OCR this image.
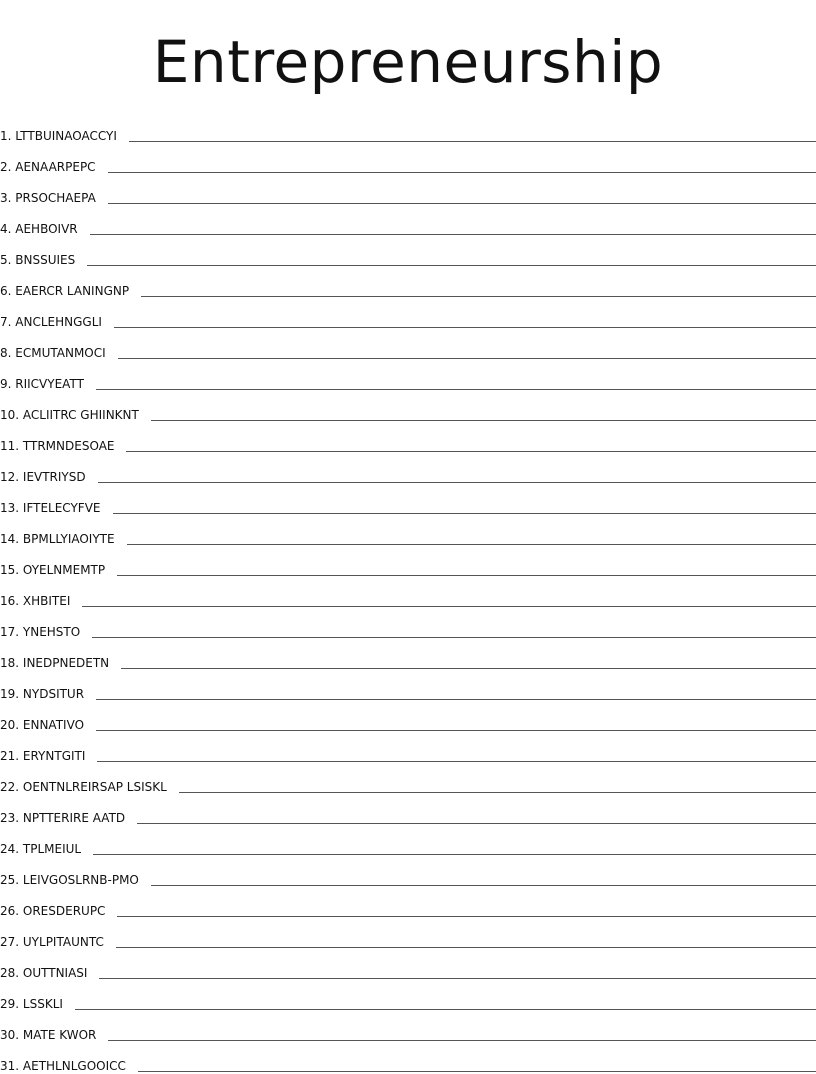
Entrepreneurship
1. LTTBUINAOACCYI
2. AENAARPEPC
3. PRSOCHAEPA
4. AEHBOIVR
5. BNSSUIES
6. EAERCR LANINGNP
7. ANCLEHNGGLI
8. ECMUTANMOCI
9. RIICVYEATT
10. ACLIITRC GHIINKNT
11. TTRMNDESOAE
12. IEVTRIYSD
13. IFTELECYFVE
14. BPMLLYIAOIYTE
15. OYELNMEMTP
16. XHBITEI
17. YNEHSTO
18. INEDPNEDETN
19. NYDSITUR
20. ENNATIVO
21. ERYNTGITI
22. OENTNLREIRSAP LSISKL
23. NPTTERIRE AATD
24. TPLMEIUL
25. LEIVGOSLRNB-PMO
26. ORESDERUPC
27. UYLPITAUNTC
28. OUTTNIASI
29. LSSKLI
30. MATE KWOR
31. AETHLNLGOOICC
